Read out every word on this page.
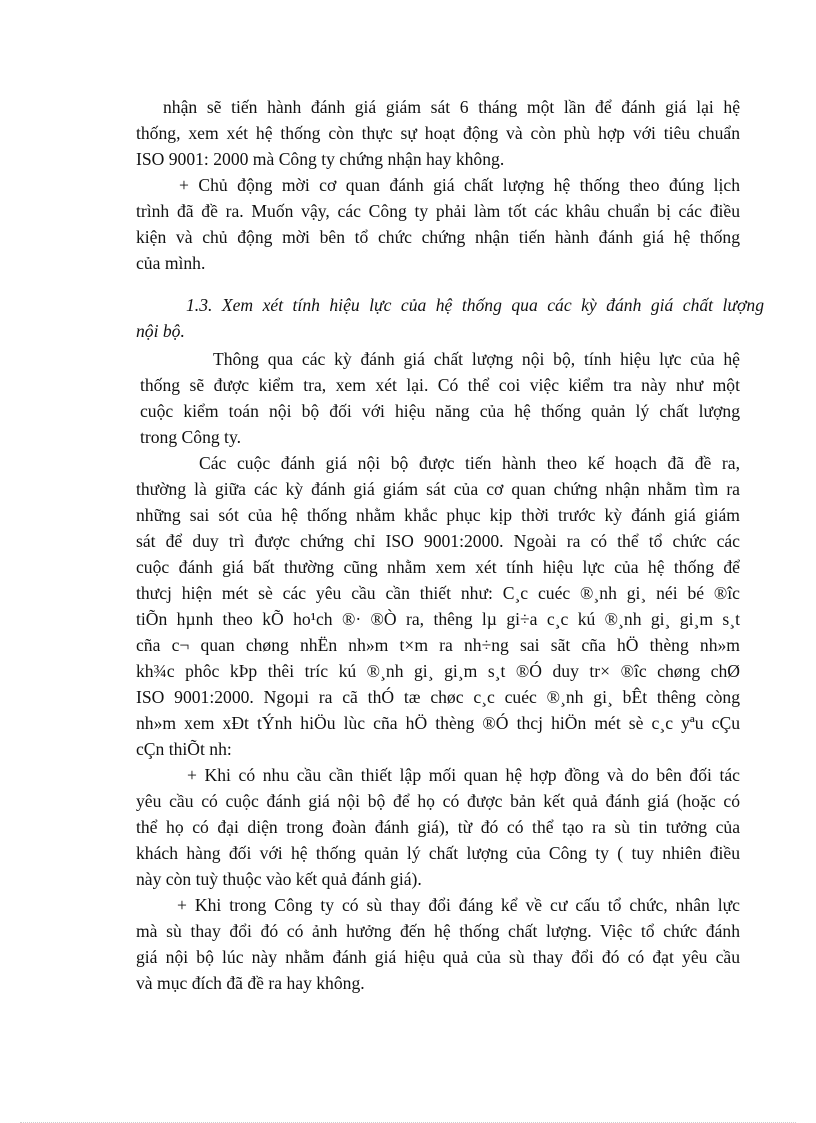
nhận sẽ tiến hành đánh giá giám sát 6 tháng một lần để đánh giá lại hệ
thống, xem xét hệ thống còn thực sự hoạt động và còn phù hợp với tiêu chuẩn
ISO 9001: 2000 mà Công ty chứng nhận hay không.
+ Chủ động mời cơ quan đánh giá chất lượng hệ thống theo đúng lịch
trình đã đề ra. Muốn vậy, các Công ty phải làm tốt các khâu chuẩn bị các điều
kiện và chủ động mời bên tổ chức chứng nhận tiến hành đánh giá hệ thống
của mình.
1.3. Xem xét tính hiệu lực của hệ thống qua các kỳ đánh giá chất lượng
nội bộ.
Thông qua các kỳ đánh giá chất lượng nội bộ, tính hiệu lực của hệ
thống sẽ được kiểm tra, xem xét lại. Có thể coi việc kiểm tra này như một
cuộc kiểm toán nội bộ đối với hiệu năng của hệ thống quản lý chất lượng
trong Công ty.
Các cuộc đánh giá nội bộ được tiến hành theo kế hoạch đã đề ra,
thường là giữa các kỳ đánh giá giám sát của cơ quan chứng nhận nhằm tìm ra
những sai sót của hệ thống nhằm khắc phục kịp thời trước kỳ đánh giá giám
sát để duy trì được chứng chỉ ISO 9001:2000. Ngoài ra có thể tổ chức các
cuộc đánh giá bất thường cũng nhằm xem xét tính hiệu lực của hệ thống để
thưcj hiện mét sè các yêu cầu cần thiết như: C¸c cuéc ®¸nh gi¸ néi bé ®îc
tiÕn hµnh theo kÕ ho¹ch ®· ®Ò ra, thêng lµ gi÷a c¸c kú ®¸nh gi¸ gi¸m s¸t
cña c¬ quan chøng nhËn nh»m t×m ra nh÷ng sai sãt cña hÖ thèng nh»m
kh¾c phôc kÞp thêi tríc kú ®¸nh gi¸ gi¸m s¸t ®Ó duy tr× ®îc chøng chØ
ISO 9001:2000. Ngoµi ra cã thÓ tæ chøc c¸c cuéc ®¸nh gi¸ bÊt thêng còng
nh»m xem xÐt tÝnh hiÖu lùc cña hÖ thèng ®Ó thcj hiÖn mét sè c¸c yªu cÇu
cÇn thiÕt nh:
+ Khi có nhu cầu cần thiết lập mối quan hệ hợp đồng và do bên đối tác
yêu cầu có cuộc đánh giá nội bộ để họ có được bản kết quả đánh giá (hoặc có
thể họ có đại diện trong đoàn đánh giá), từ đó có thể tạo ra sù tin tưởng của
khách hàng đối với hệ thống quản lý chất lượng của Công ty ( tuy nhiên điều
này còn tuỳ thuộc vào kết quả đánh giá).
+ Khi trong Công ty có sù thay đổi đáng kể về cư cấu tổ chức, nhân lực
mà sù thay đổi đó có ảnh hưởng đến hệ thống chất lượng. Việc tổ chức đánh
giá nội bộ lúc này nhằm đánh giá hiệu quả của sù thay đổi đó có đạt yêu cầu
và mục đích đã đề ra hay không.
